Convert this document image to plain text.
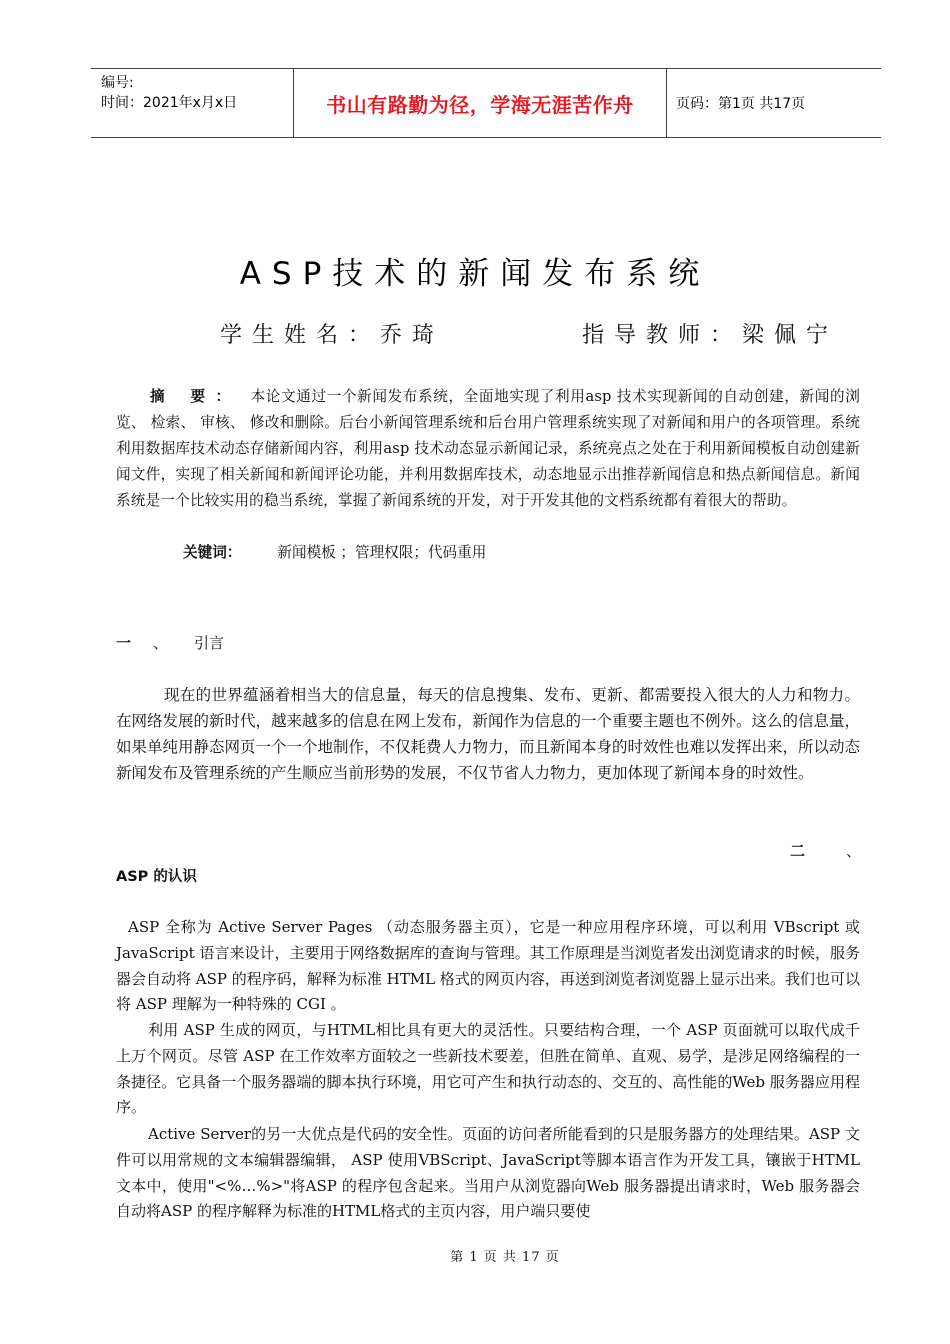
编号:
时间：2021年x月x日	书山有路勤为径，学海无涯苦作舟	页码：第1页 共17页
ASP技术的新闻发布系统
学生姓名：乔琦	指导教师：梁佩宁
摘 要： 本论文通过一个新闻发布系统，全面地实现了利用asp 技术实现新闻的自动创建，新闻的浏览、 检索、 审核、 修改和删除。后台小新闻管理系统和后台用户管理系统实现了对新闻和用户的各项管理。系统利用数据库技术动态存储新闻内容，利用asp 技术动态显示新闻记录，系统亮点之处在于利用新闻模板自动创建新闻文件，实现了相关新闻和新闻评论功能，并利用数据库技术，动态地显示出推荐新闻信息和热点新闻信息。新闻系统是一个比较实用的稳当系统，掌握了新闻系统的开发，对于开发其他的文档系统都有着很大的帮助。
关键词： 新闻模板 ；管理权限；代码重用
一 、 引言
现在的世界蕴涵着相当大的信息量，每天的信息搜集、发布、更新、都需要投入很大的人力和物力。在网络发展的新时代，越来越多的信息在网上发布，新闻作为信息的一个重要主题也不例外。这么的信息量，如果单纯用静态网页一个一个地制作，不仅耗费人力物力，而且新闻本身的时效性也难以发挥出来，所以动态新闻发布及管理系统的产生顺应当前形势的发展，不仅节省人力物力，更加体现了新闻本身的时效性。
二	、
ASP 的认识
ASP 全称为 Active Server Pages （动态服务器主页），它是一种应用程序环境，可以利用 VBscript 或 JavaScript 语言来设计，主要用于网络数据库的查询与管理。其工作原理是当浏览者发出浏览请求的时候，服务器会自动将 ASP 的程序码，解释为标准 HTML 格式的网页内容，再送到浏览者浏览器上显示出来。我们也可以将 ASP 理解为一种特殊的 CGI 。
利用 ASP 生成的网页，与HTML相比具有更大的灵活性。只要结构合理，一个 ASP 页面就可以取代成千上万个网页。尽管 ASP 在工作效率方面较之一些新技术要差，但胜在简单、直观、易学，是涉足网络编程的一条捷径。它具备一个服务器端的脚本执行环境，用它可产生和执行动态的、交互的、高性能的Web 服务器应用程序。
Active Server的另一大优点是代码的安全性。页面的访问者所能看到的只是服务器方的处理结果。ASP 文件可以用常规的文本编辑器编辑， ASP 使用VBScript、JavaScript等脚本语言作为开发工具，镶嵌于HTML文本中，使用"<%…%>"将ASP 的程序包含起来。当用户从浏览器向Web 服务器提出请求时，Web 服务器会自动将ASP 的程序解释为标准的HTML格式的主页内容，用户端只要使
第 1 页 共 17 页
